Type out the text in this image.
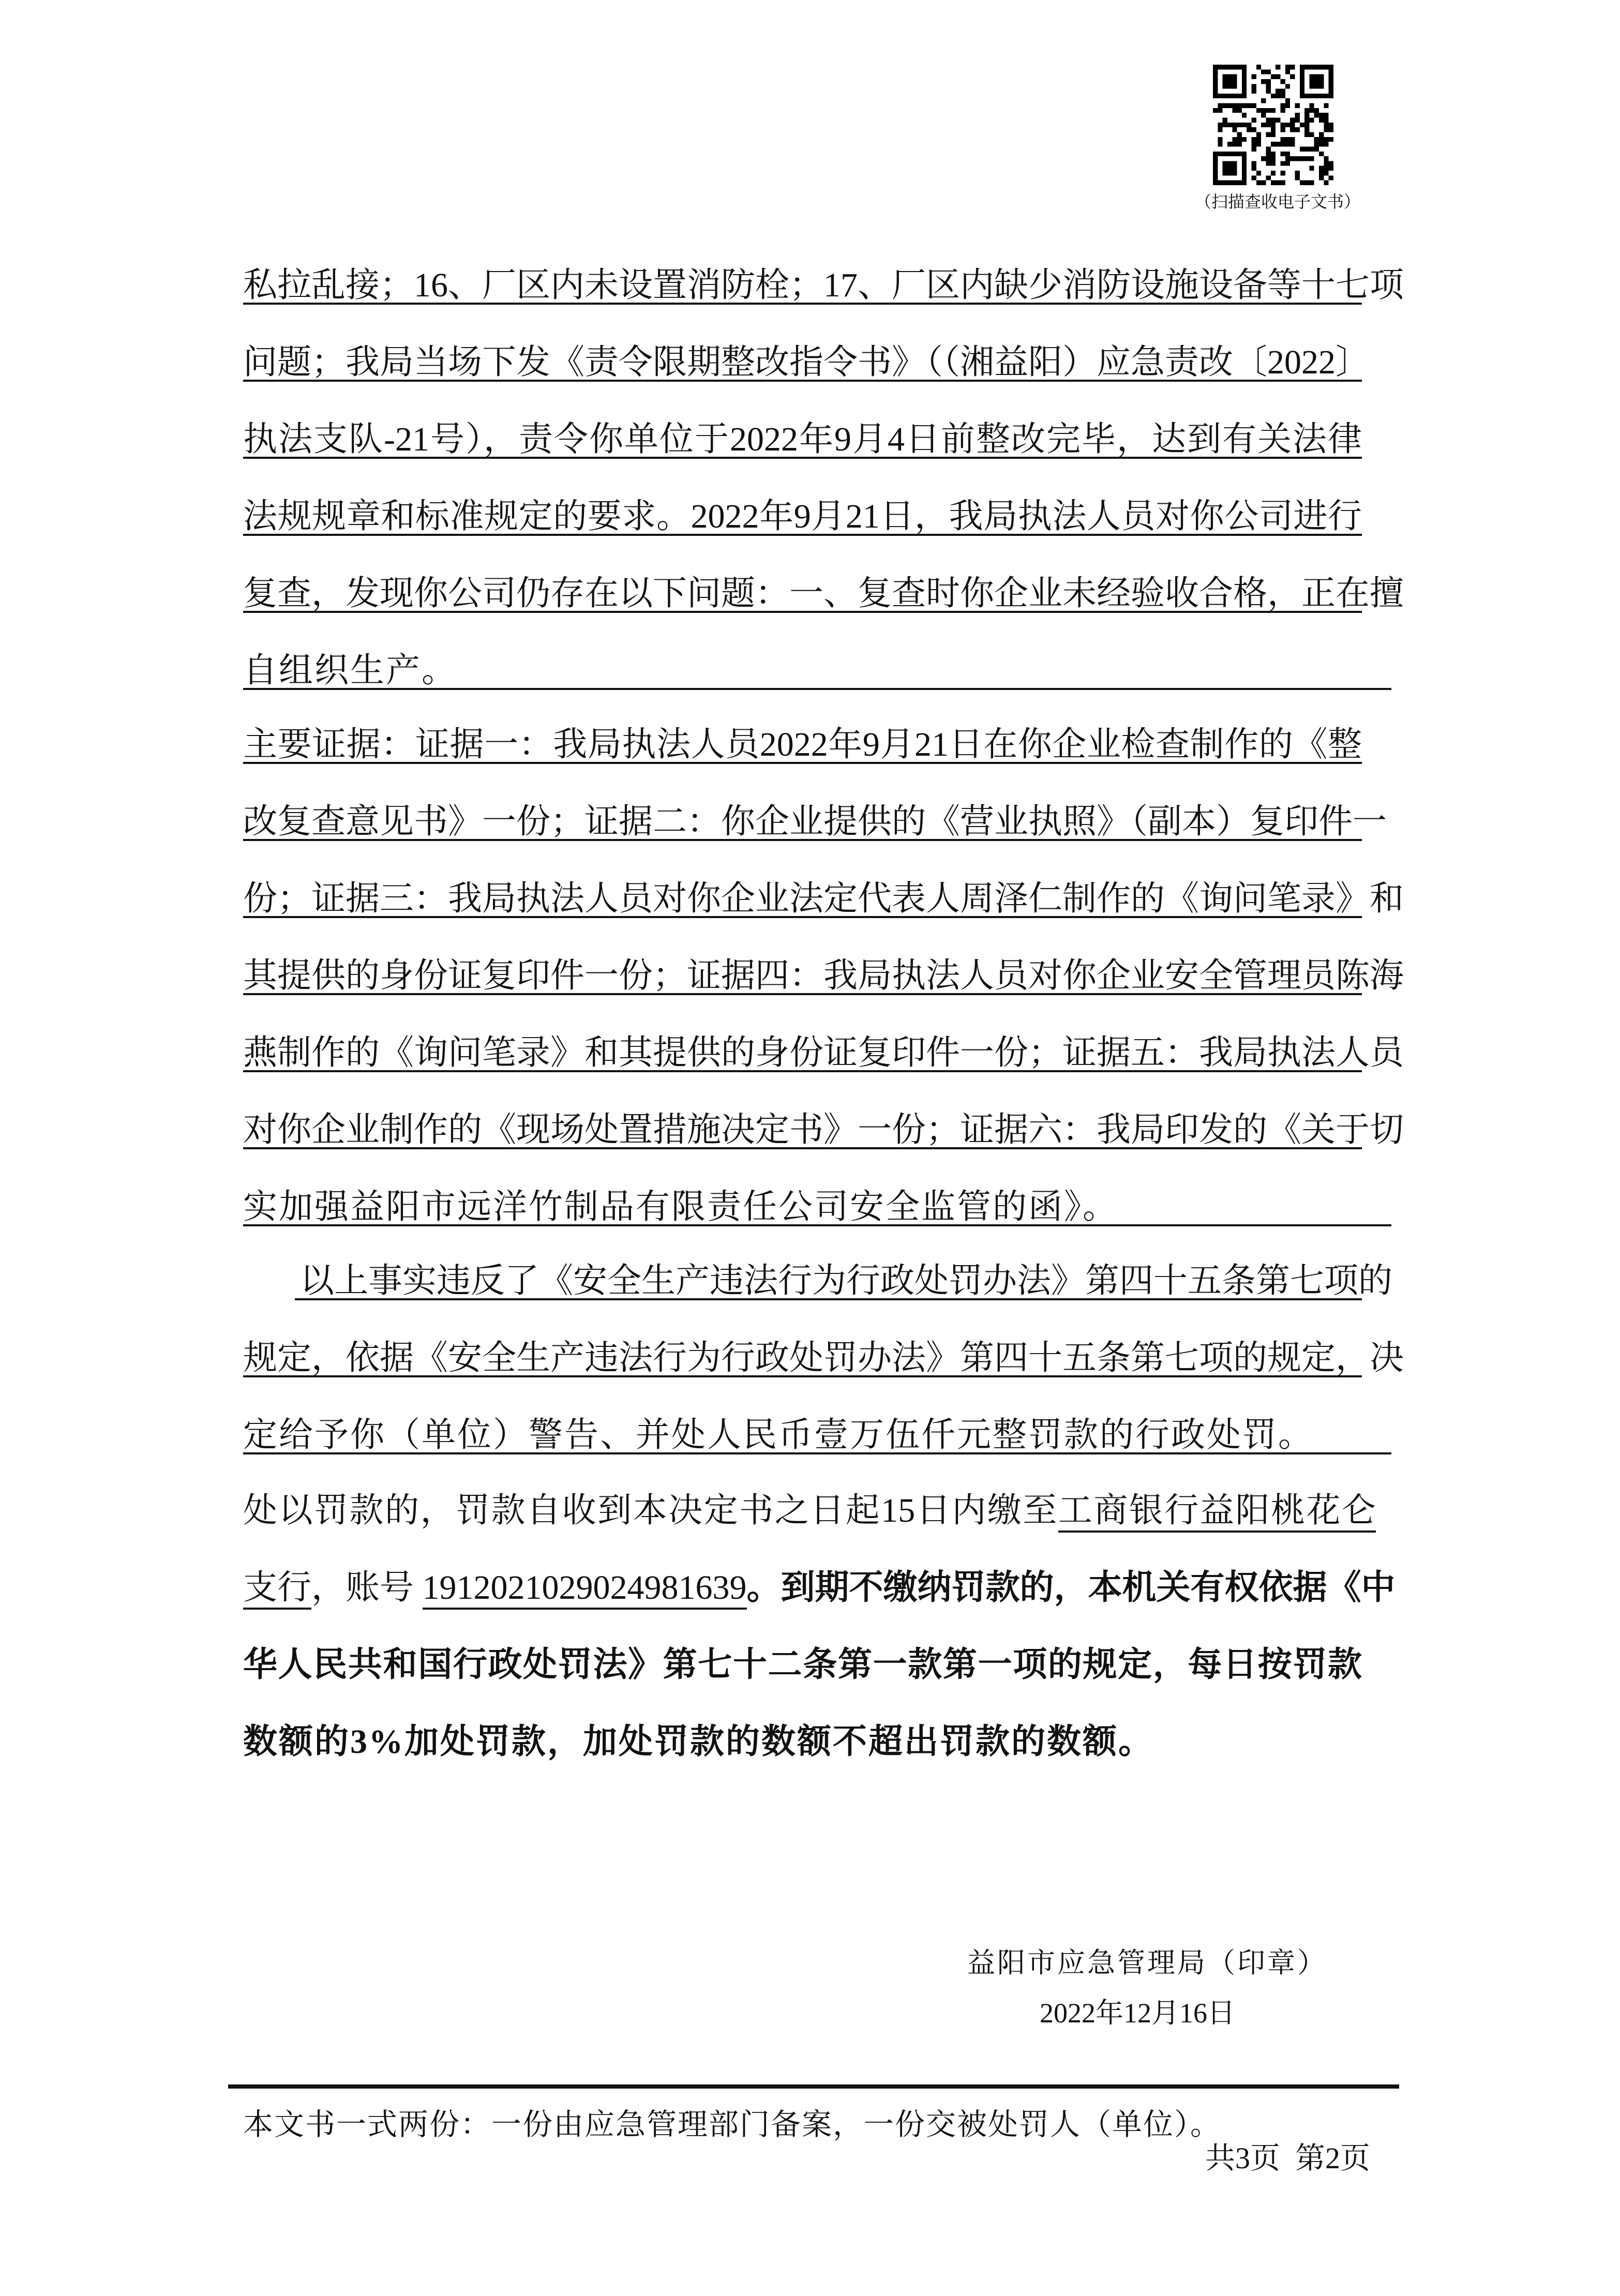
（扫描查收电子文书）
私拉乱接；16、厂区内未设置消防栓；17、厂区内缺少消防设施设备等十七项
问题；我局当场下发《责令限期整改指令书》（（湘益阳）应急责改〔2022〕
执法支队-21号），责令你单位于2022年9月4日前整改完毕，达到有关法律
法规规章和标准规定的要求。2022年9月21日，我局执法人员对你公司进行
复查，发现你公司仍存在以下问题：一、复查时你企业未经验收合格，正在擅
自组织生产。
主要证据：证据一：我局执法人员2022年9月21日在你企业检查制作的《整
改复查意见书》一份；证据二：你企业提供的《营业执照》（副本）复印件一
份；证据三：我局执法人员对你企业法定代表人周泽仁制作的《询问笔录》和
其提供的身份证复印件一份；证据四：我局执法人员对你企业安全管理员陈海
燕制作的《询问笔录》和其提供的身份证复印件一份；证据五：我局执法人员
对你企业制作的《现场处置措施决定书》一份；证据六：我局印发的《关于切
实加强益阳市远洋竹制品有限责任公司安全监管的函》。
以上事实违反了《安全生产违法行为行政处罚办法》第四十五条第七项的
规定，依据《安全生产违法行为行政处罚办法》第四十五条第七项的规定，决
定给予你（单位）警告、并处人民币壹万伍仟元整罚款的行政处罚。
处以罚款的，罚款自收到本决定书之日起15日内缴至工商银行益阳桃花仑
支行，账号 1912021029024981639 。到期不缴纳罚款的，本机关有权依据《中
华人民共和国行政处罚法》第七十二条第一款第一项的规定，每日按罚款
数额的3%加处罚款，加处罚款的数额不超出罚款的数额。
益阳市应急管理局（印章）
2022年12月16日
本文书一式两份：一份由应急管理部门备案，一份交被处罚人（单位）。
共3页  第2页
